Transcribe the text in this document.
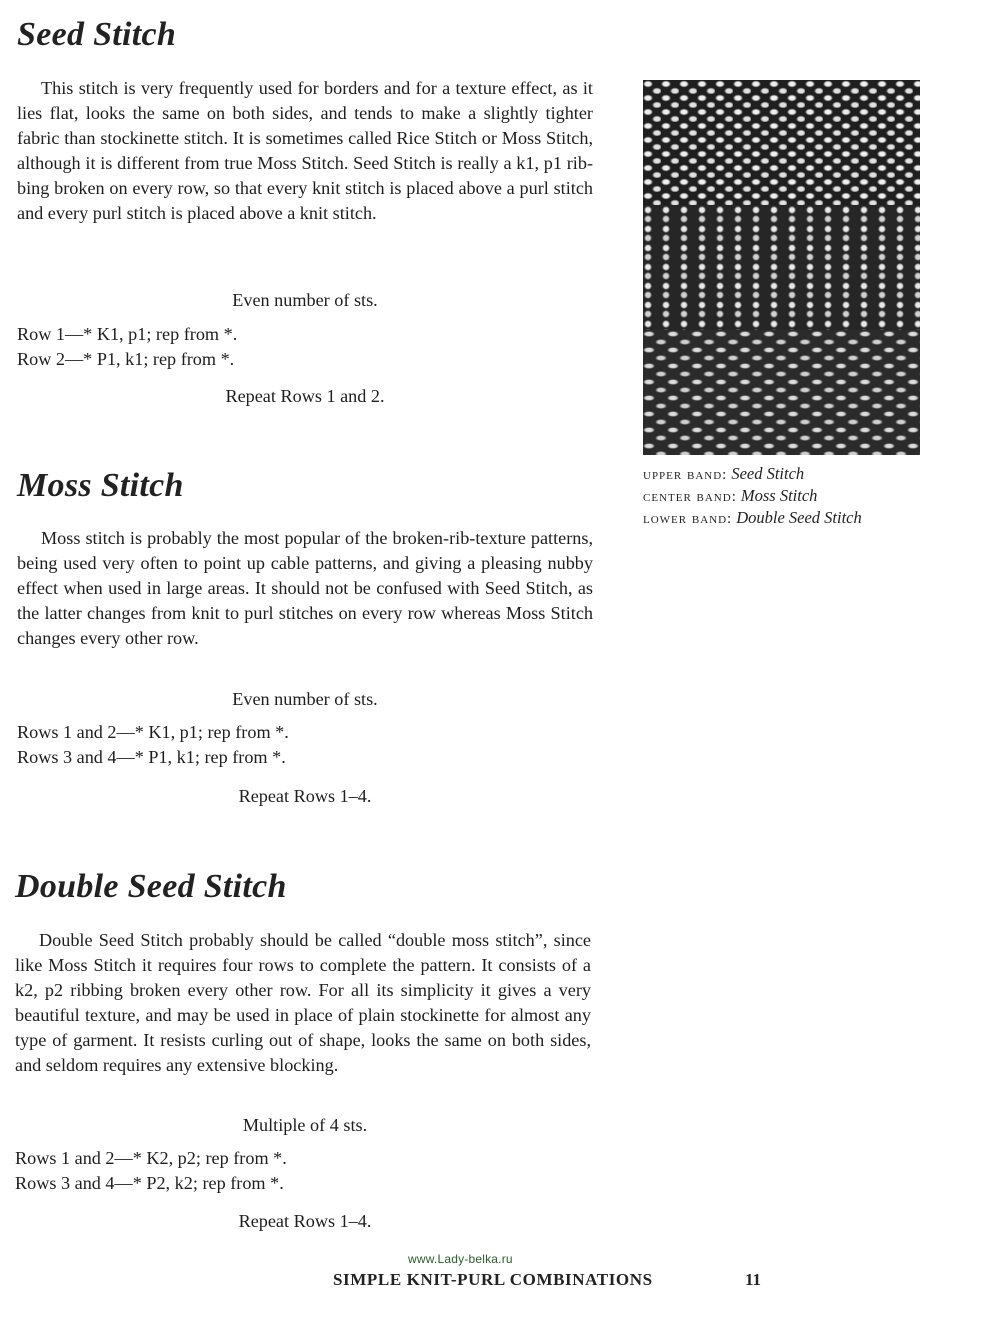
Seed Stitch

This stitch is very frequently used for borders and for a texture effect, as it lies flat, looks the same on both sides, and tends to make a slightly tighter fabric than stockinette stitch. It is sometimes called Rice Stitch or Moss Stitch, although it is different from true Moss Stitch. Seed Stitch is really a k1, p1 ribbing broken on every row, so that every knit stitch is placed above a purl stitch and every purl stitch is placed above a knit stitch.

Even number of sts.

Row 1—* K1, p1; rep from *.

Row 2—* P1, k1; rep from *.

Repeat Rows 1 and 2.

Moss Stitch

Moss stitch is probably the most popular of the broken-rib-texture patterns, being used very often to point up cable patterns, and giving a pleasing nubby effect when used in large areas. It should not be confused with Seed Stitch, as the latter changes from knit to purl stitches on every row whereas Moss Stitch changes every other row.

Even number of sts.

Rows 1 and 2—* K1, p1; rep from *.

Rows 3 and 4—* P1, k1; rep from *.

Repeat Rows 1–4.

Double Seed Stitch

Double Seed Stitch probably should be called “double moss stitch”, since like Moss Stitch it requires four rows to complete the pattern. It consists of a k2, p2 ribbing broken every other row. For all its simplicity it gives a very beautiful texture, and may be used in place of plain stockinette for almost any type of garment. It resists curling out of shape, looks the same on both sides, and seldom requires any extensive blocking.

Multiple of 4 sts.

Rows 1 and 2—* K2, p2; rep from *.

Rows 3 and 4—* P2, k2; rep from *.

Repeat Rows 1–4.

upper band: Seed Stitch
center band: Moss Stitch
lower band: Double Seed Stitch
www.Lady-belka.ru
SIMPLE KNIT-PURL COMBINATIONS	11
